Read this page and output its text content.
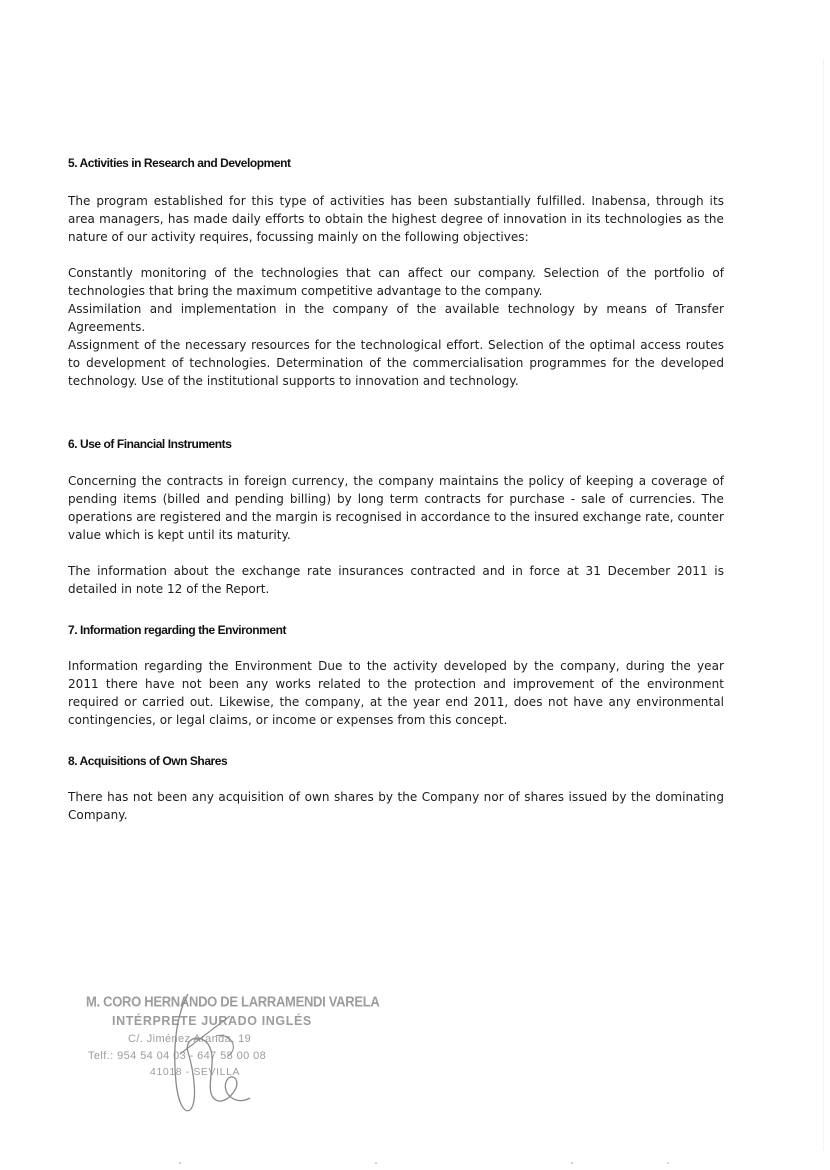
5. Activities in Research and Development

The program established for this type of activities has been substantially fulfilled. Inabensa, through its area managers, has made daily efforts to obtain the highest degree of innovation in its technologies as the nature of our activity requires, focussing mainly on the following objectives:

Constantly monitoring of the technologies that can affect our company. Selection of the portfolio of technologies that bring the maximum competitive advantage to the company.

Assimilation and implementation in the company of the available technology by means of Transfer Agreements.

Assignment of the necessary resources for the technological effort. Selection of the optimal access routes to development of technologies. Determination of the commercialisation programmes for the developed technology. Use of the institutional supports to innovation and technology.

6. Use of Financial Instruments

Concerning the contracts in foreign currency, the company maintains the policy of keeping a coverage of pending items (billed and pending billing) by long term contracts for purchase - sale of currencies. The operations are registered and the margin is recognised in accordance to the insured exchange rate, counter value which is kept until its maturity.

The information about the exchange rate insurances contracted and in force at 31 December 2011 is detailed in note 12 of the Report.

7. Information regarding the Environment

Information regarding the Environment Due to the activity developed by the company, during the year 2011 there have not been any works related to the protection and improvement of the environment required or carried out. Likewise, the company, at the year end 2011, does not have any environmental contingencies, or legal claims, or income or expenses from this concept.

8. Acquisitions of Own Shares

There has not been any acquisition of own shares by the Company nor of shares issued by the dominating Company.

M. CORO HERNANDO DE LARRAMENDI VARELA
INTÉRPRETE JURADO INGLÉS
C/. Jiménez Aranda, 19
Telf.: 954 54 04 03 - 647 58 00 08
41018 - SEVILLA
